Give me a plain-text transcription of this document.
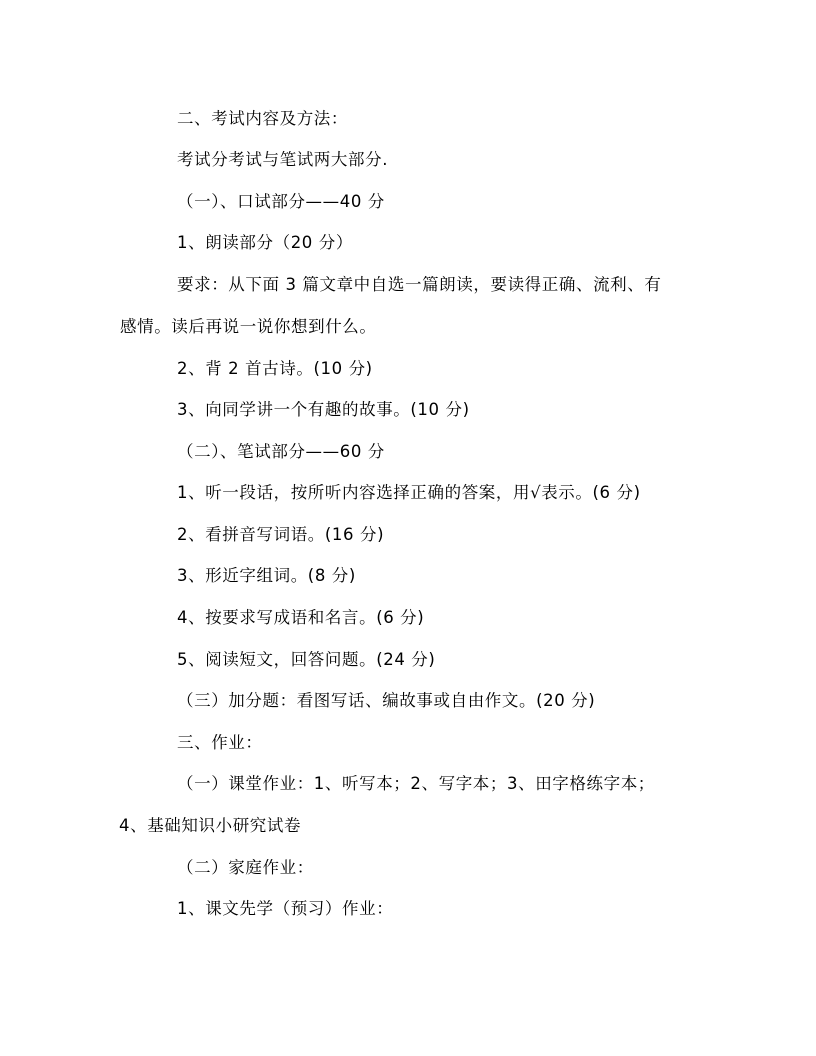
二、考试内容及方法：

考试分考试与笔试两大部分.

（一）、口试部分——40 分

1、朗读部分（20 分）

要求：从下面 3 篇文章中自选一篇朗读，要读得正确、流利、有

感情。读后再说一说你想到什么。

2、背 2 首古诗。(10 分)

3、向同学讲一个有趣的故事。(10 分)

（二）、笔试部分——60 分

1、听一段话，按所听内容选择正确的答案，用√表示。(6 分)

2、看拼音写词语。(16 分)

3、形近字组词。(8 分)

4、按要求写成语和名言。(6 分)

5、阅读短文，回答问题。(24 分)

（三）加分题：看图写话、编故事或自由作文。(20 分)

三、作业：

（一）课堂作业：1、听写本；2、写字本；3、田字格练字本；

4、基础知识小研究试卷

（二）家庭作业：

1、课文先学（预习）作业：
